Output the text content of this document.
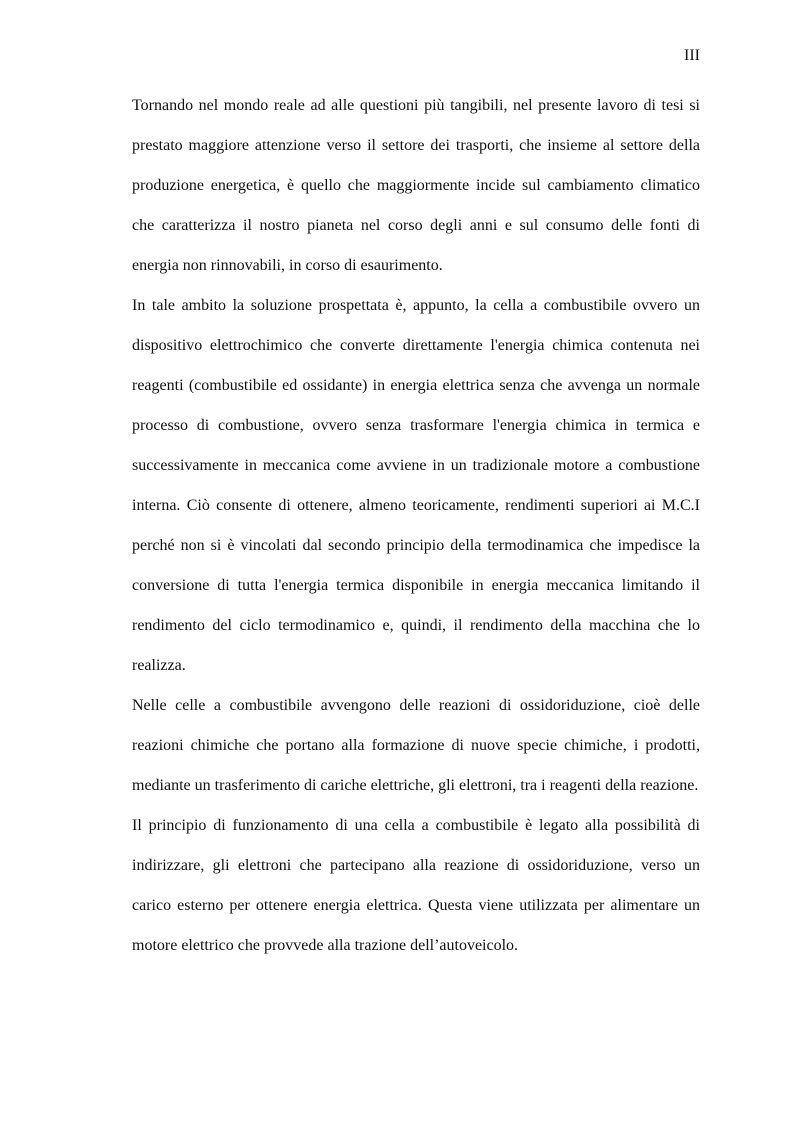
III

Tornando nel mondo reale ad alle questioni più tangibili, nel presente lavoro di tesi si prestato maggiore attenzione verso il settore dei trasporti, che insieme al settore della produzione energetica, è quello che maggiormente incide sul cambiamento climatico che caratterizza il nostro pianeta nel corso degli anni e sul consumo delle fonti di energia non rinnovabili, in corso di esaurimento.

In tale ambito la soluzione prospettata è, appunto, la cella a combustibile ovvero un dispositivo elettrochimico che converte direttamente l'energia chimica contenuta nei reagenti (combustibile ed ossidante) in energia elettrica senza che avvenga un normale processo di combustione, ovvero senza trasformare l'energia chimica in termica e successivamente in meccanica come avviene in un tradizionale motore a combustione interna. Ciò consente di ottenere, almeno teoricamente, rendimenti superiori ai M.C.I perché non si è vincolati dal secondo principio della termodinamica che impedisce la conversione di tutta l'energia termica disponibile in energia meccanica limitando il rendimento del ciclo termodinamico e, quindi, il rendimento della macchina che lo realizza.

Nelle celle a combustibile avvengono delle reazioni di ossidoriduzione, cioè delle reazioni chimiche che portano alla formazione di nuove specie chimiche, i prodotti, mediante un trasferimento di cariche elettriche, gli elettroni, tra i reagenti della reazione.

Il principio di funzionamento di una cella a combustibile è legato alla possibilità di indirizzare, gli elettroni che partecipano alla reazione di ossidoriduzione, verso un carico esterno per ottenere energia elettrica. Questa viene utilizzata per alimentare un motore elettrico che provvede alla trazione dell’autoveicolo.
